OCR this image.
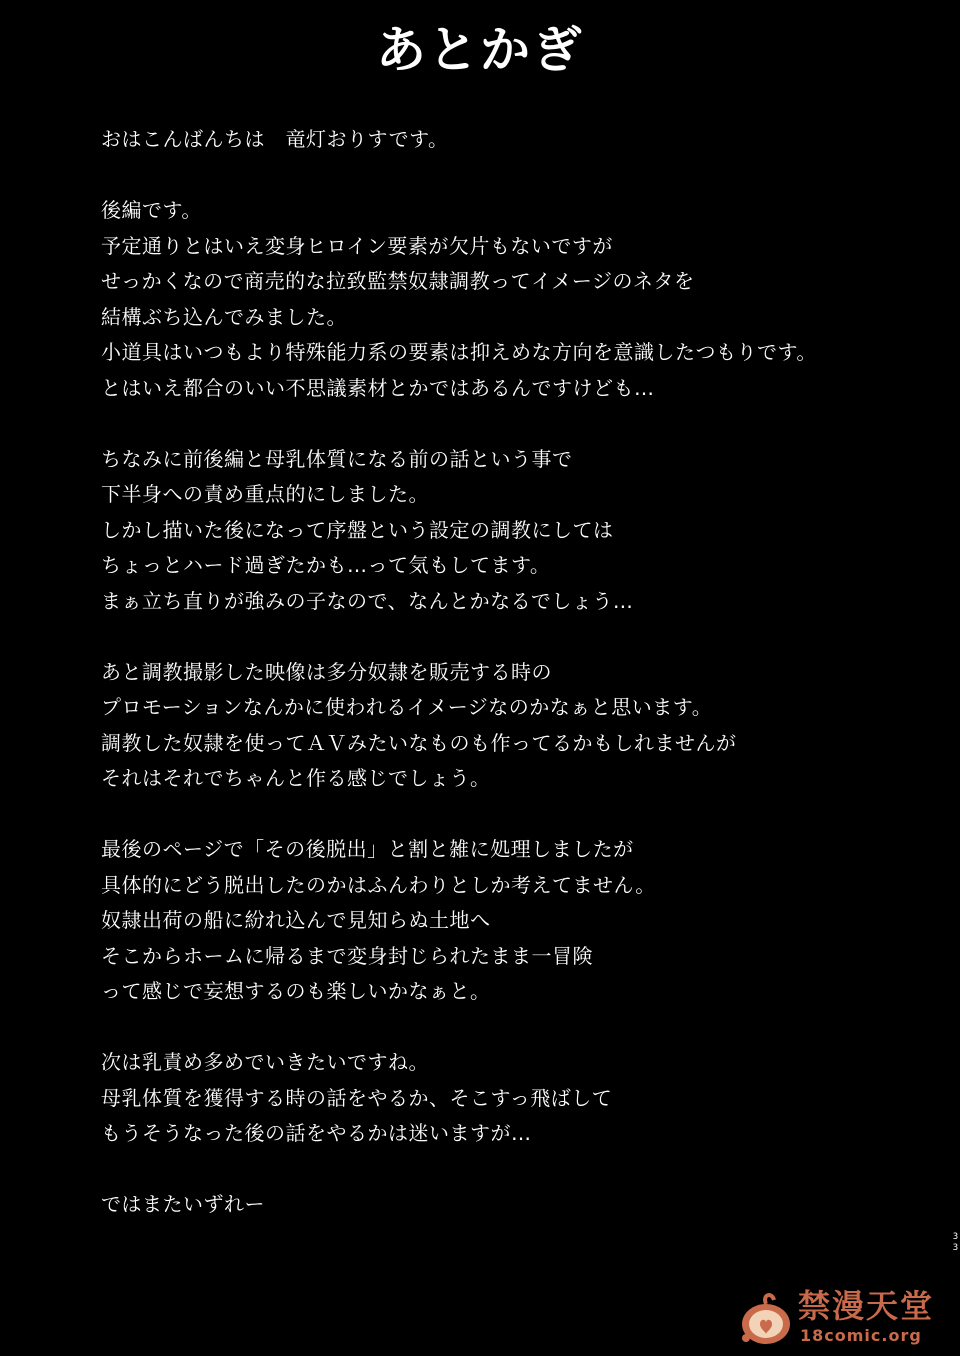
あとかぎ
おはこんばんちは　竜灯おりすです。
後編です。
予定通りとはいえ変身ヒロイン要素が欠片もないですが
せっかくなので商売的な拉致監禁奴隷調教ってイメージのネタを
結構ぶち込んでみました。
小道具はいつもより特殊能力系の要素は抑えめな方向を意識したつもりです。
とはいえ都合のいい不思議素材とかではあるんですけども…
ちなみに前後編と母乳体質になる前の話という事で
下半身への責め重点的にしました。
しかし描いた後になって序盤という設定の調教にしては
ちょっとハード過ぎたかも…って気もしてます。
まぁ立ち直りが強みの子なので、なんとかなるでしょう…
あと調教撮影した映像は多分奴隷を販売する時の
プロモーションなんかに使われるイメージなのかなぁと思います。
調教した奴隷を使ってＡＶみたいなものも作ってるかもしれませんが
それはそれでちゃんと作る感じでしょう。
最後のページで「その後脱出」と割と雑に処理しましたが
具体的にどう脱出したのかはふんわりとしか考えてません。
奴隷出荷の船に紛れ込んで見知らぬ土地へ
そこからホームに帰るまで変身封じられたまま一冒険
って感じで妄想するのも楽しいかなぁと。
次は乳責め多めでいきたいですね。
母乳体質を獲得する時の話をやるか、そこすっ飛ばして
もうそうなった後の話をやるかは迷いますが…
ではまたいずれー
3
3
禁漫天堂
18comic.org
